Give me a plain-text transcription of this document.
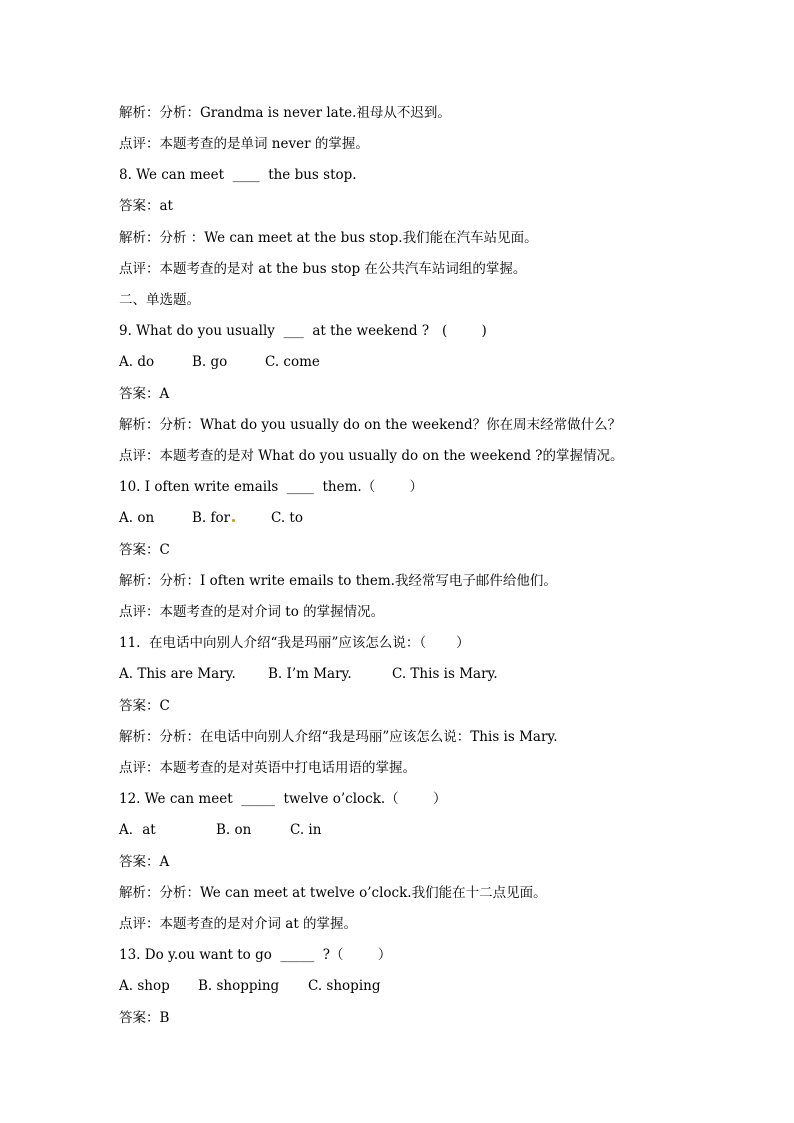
解析：分析：Grandma is never late.祖母从不迟到。
点评：本题考查的是单词 never 的掌握。
8. We can meet  ____  the bus stop.
答案：at
解析：分析 ：We can meet at the bus stop.我们能在汽车站见面。
点评：本题考查的是对 at the bus stop 在公共汽车站词组的掌握。
二、单选题。
9. What do you usually  ___  at the weekend ?   (        )
A. do	B. go	C. come
答案：A
解析：分析：What do you usually do on the weekend？你在周末经常做什么？
点评：本题考查的是对 What do you usually do on the weekend ?的掌握情况。
10. I often write emails  ____  them.（        ）
A. on	B. for	C. to
答案：C
解析：分析：I often write emails to them.我经常写电子邮件给他们。
点评：本题考查的是对介词 to 的掌握情况。
11.  在电话中向别人介绍“我是玛丽”应该怎么说：（       ）
A. This are Mary. B. I’m Mary.	C. This is Mary.
答案：C
解析：分析：在电话中向别人介绍“我是玛丽”应该怎么说：This is Mary.
点评：本题考查的是对英语中打电话用语的掌握。
12. We can meet  _____  twelve o’clock.（        ）
A．at	B. on	C. in
答案：A
解析：分析：We can meet at twelve o’clock.我们能在十二点见面。
点评：本题考查的是对介词 at 的掌握。
13. Do y.ou want to go  _____  ?（        ）
A. shop B. shopping C. shoping
答案：B
